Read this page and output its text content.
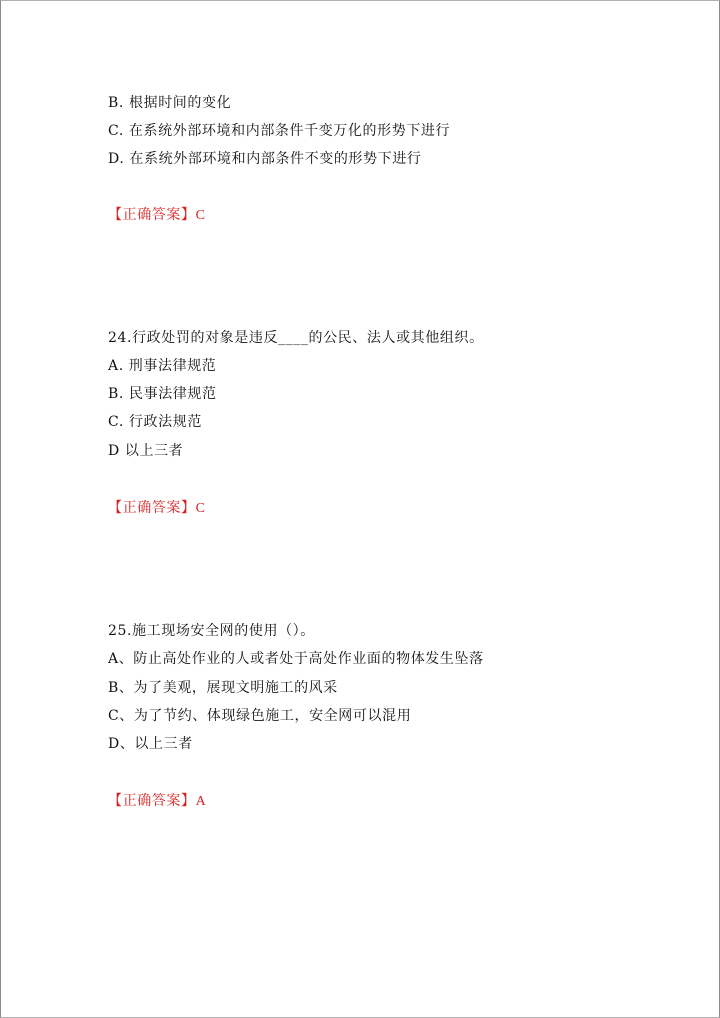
B. 根据时间的变化
C. 在系统外部环境和内部条件千变万化的形势下进行
D. 在系统外部环境和内部条件不变的形势下进行
【正确答案】C
24.行政处罚的对象是违反____的公民、法人或其他组织。
A. 刑事法律规范
B. 民事法律规范
C. 行政法规范
D 以上三者
【正确答案】C
25.施工现场安全网的使用（）。
A、防止高处作业的人或者处于高处作业面的物体发生坠落
B、为了美观，展现文明施工的风采
C、为了节约、体现绿色施工，安全网可以混用
D、以上三者
【正确答案】A
